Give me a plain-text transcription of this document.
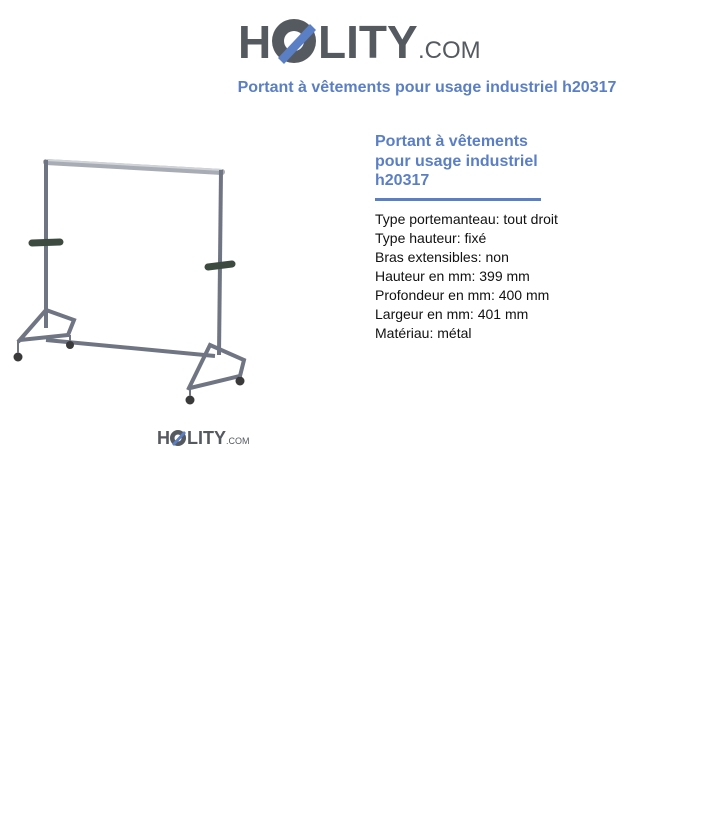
H LITY .COM
Portant à vêtements pour usage industriel h20317
H LITY .COM
Portant à vêtements
pour usage industriel
h20317
Type portemanteau: tout droit
Type hauteur: fixé
Bras extensibles: non
Hauteur en mm: 399 mm
Profondeur en mm: 400 mm
Largeur en mm: 401 mm
Matériau: métal
